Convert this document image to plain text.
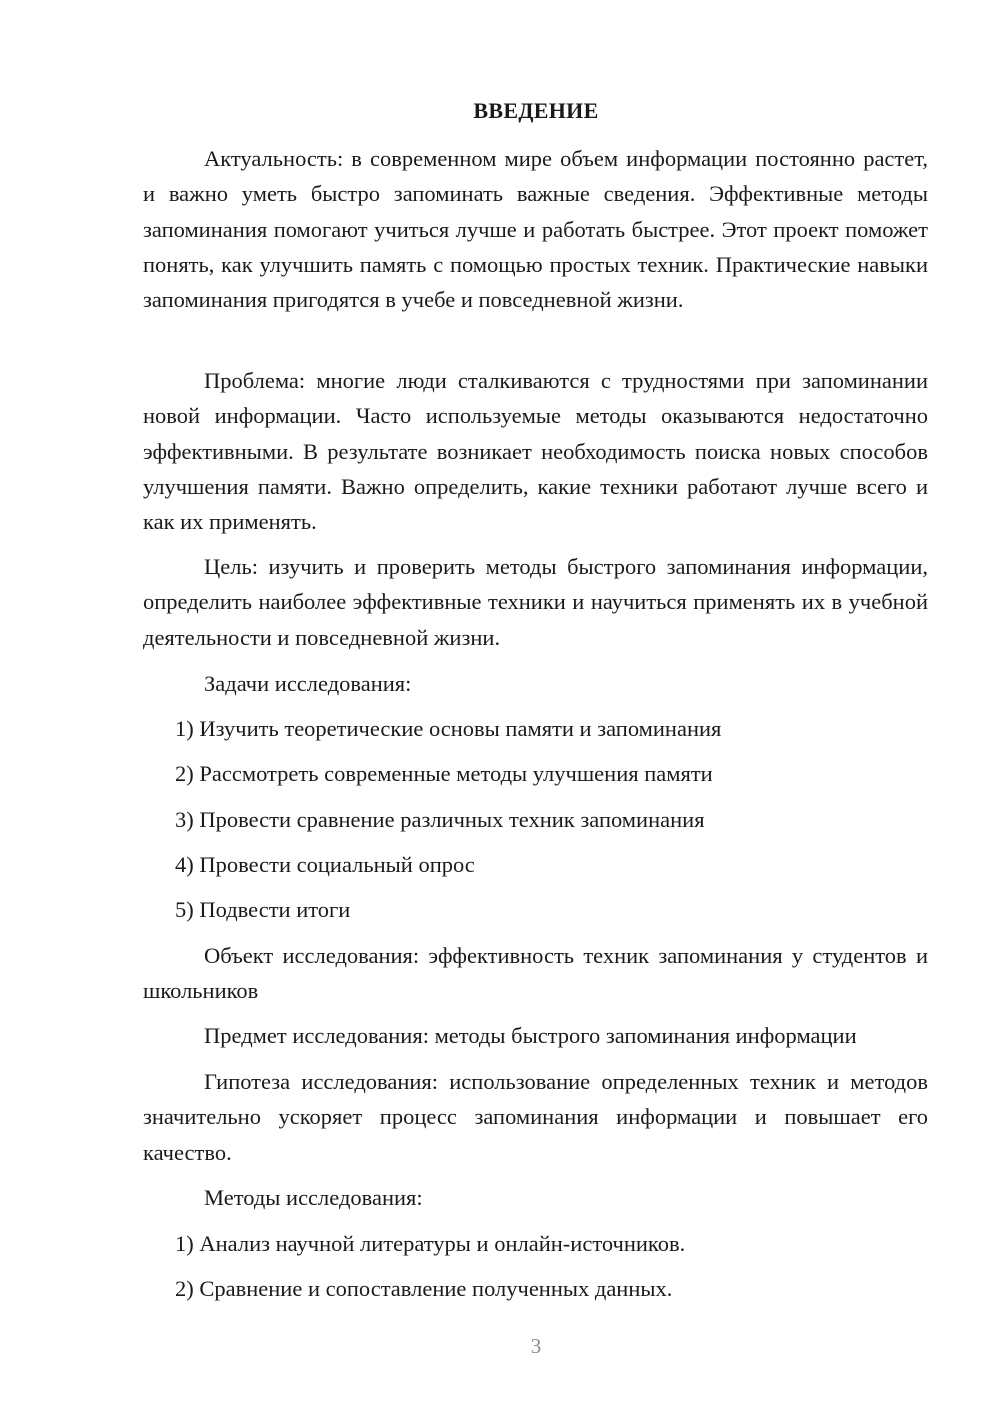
ВВЕДЕНИЕ

Актуальность: в современном мире объем информации постоянно растет, и важно уметь быстро запоминать важные сведения. Эффективные методы запоминания помогают учиться лучше и работать быстрее. Этот проект поможет понять, как улучшить память с помощью простых техник. Практические навыки запоминания пригодятся в учебе и повседневной жизни.

Проблема: многие люди сталкиваются с трудностями при запоминании новой информации. Часто используемые методы оказываются недостаточно эффективными. В результате возникает необходимость поиска новых способов улучшения памяти. Важно определить, какие техники работают лучше всего и как их применять.

Цель: изучить и проверить методы быстрого запоминания информации, определить наиболее эффективные техники и научиться применять их в учебной деятельности и повседневной жизни.

Задачи исследования:

1) Изучить теоретические основы памяти и запоминания
2) Рассмотреть современные методы улучшения памяти
3) Провести сравнение различных техник запоминания
4) Провести социальный опрос
5) Подвести итоги

Объект исследования: эффективность техник запоминания у студентов и школьников

Предмет исследования: методы быстрого запоминания информации

Гипотеза исследования: использование определенных техник и методов значительно ускоряет процесс запоминания информации и повышает его качество.

Методы исследования:

1) Анализ научной литературы и онлайн-источников.
2) Сравнение и сопоставление полученных данных.
3
